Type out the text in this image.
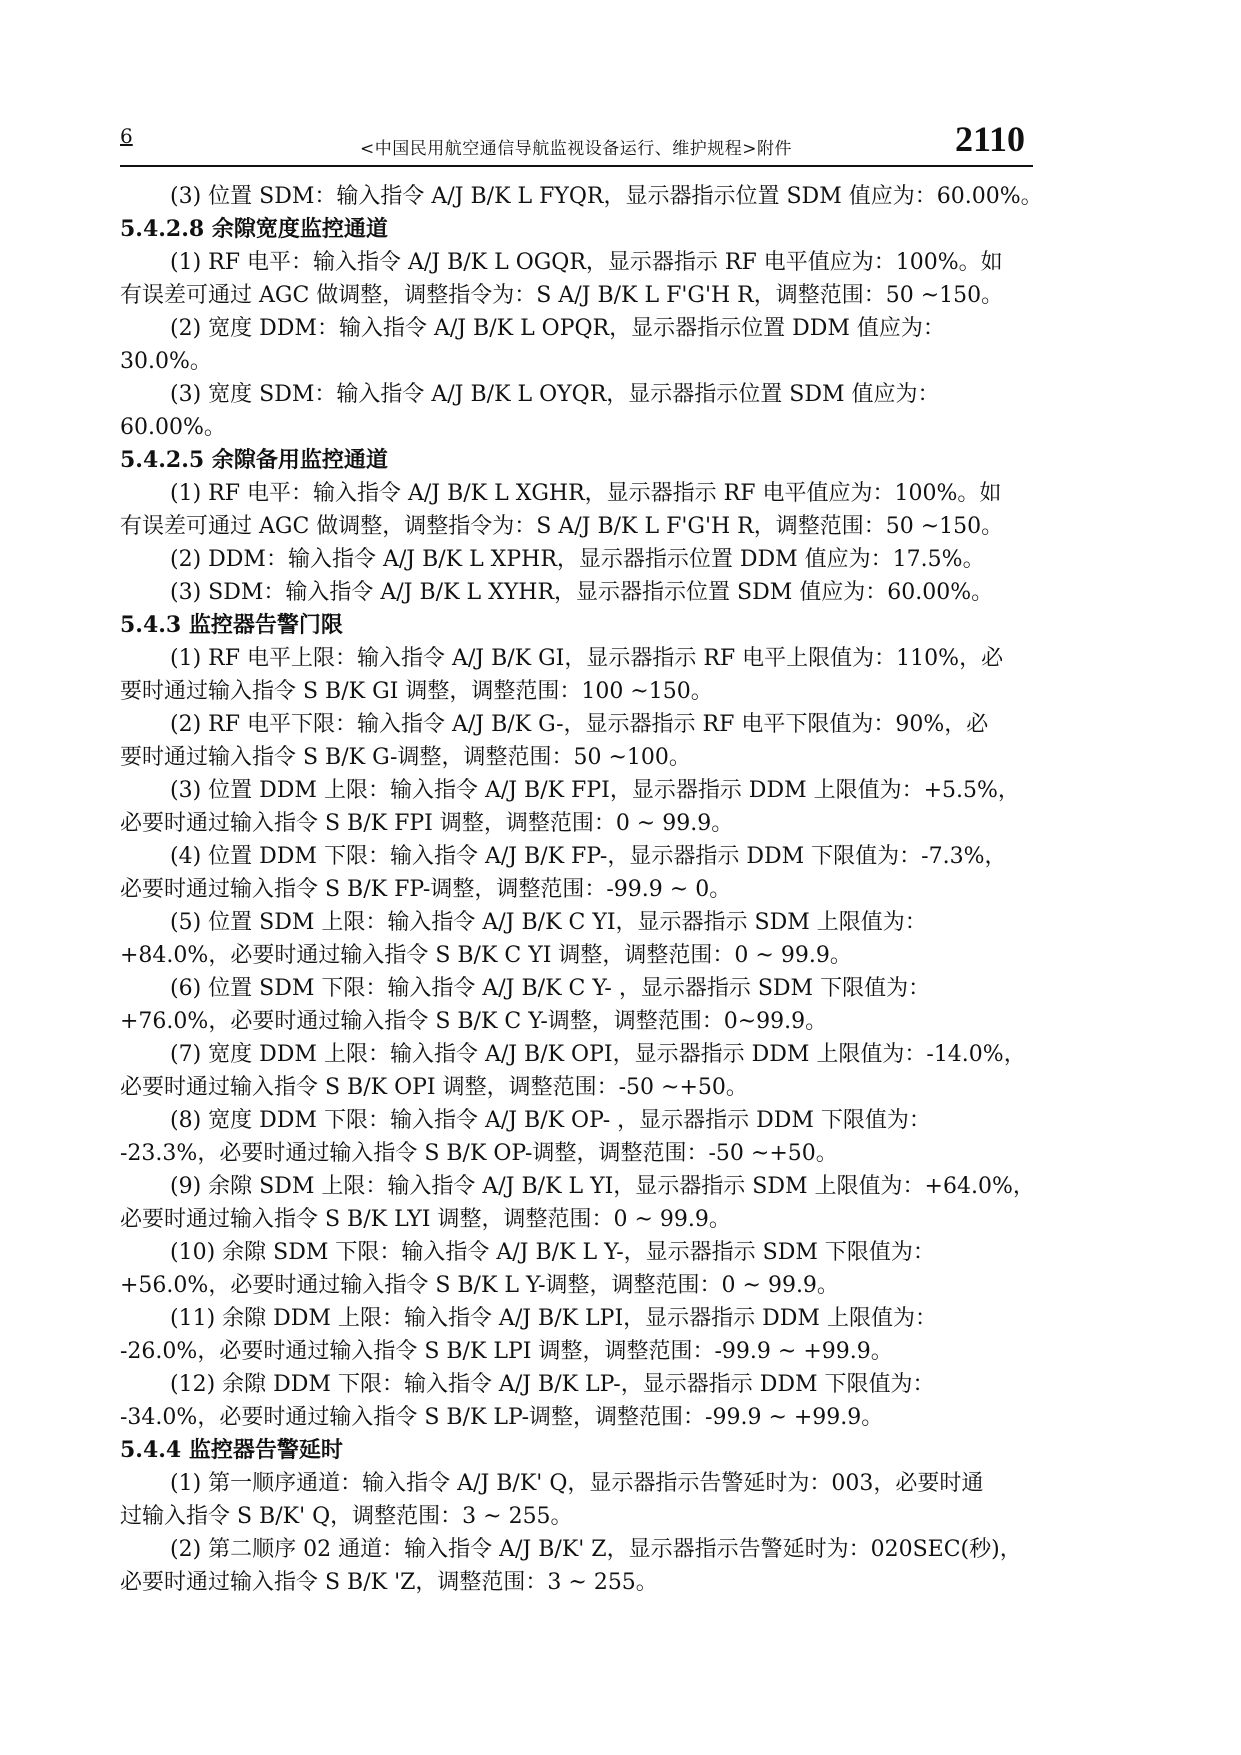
6
<中国民用航空通信导航监视设备运行、维护规程>附件	2110

(3) 位置 SDM：输入指令 A/J B/K L FYQR，显示器指示位置 SDM 值应为：60.00%。

5.4.2.8 余隙宽度监控通道

(1) RF 电平：输入指令 A/J B/K L OGQR，显示器指示 RF 电平值应为：100%。如

有误差可通过 AGC 做调整，调整指令为：S A/J B/K L F'G'H R，调整范围：50 ~150。

(2) 宽度 DDM：输入指令 A/J B/K L OPQR，显示器指示位置 DDM 值应为：

30.0%。

(3) 宽度 SDM：输入指令 A/J B/K L OYQR，显示器指示位置 SDM 值应为：

60.00%。

5.4.2.5 余隙备用监控通道

(1) RF 电平：输入指令 A/J B/K L XGHR，显示器指示 RF 电平值应为：100%。如

有误差可通过 AGC 做调整，调整指令为：S A/J B/K L F'G'H R，调整范围：50 ~150。

(2) DDM：输入指令 A/J B/K L XPHR，显示器指示位置 DDM 值应为：17.5%。

(3) SDM：输入指令 A/J B/K L XYHR，显示器指示位置 SDM 值应为：60.00%。

5.4.3 监控器告警门限

(1) RF 电平上限：输入指令 A/J B/K GI，显示器指示 RF 电平上限值为：110%，必

要时通过输入指令 S B/K GI 调整，调整范围：100 ~150。

(2) RF 电平下限：输入指令 A/J B/K G-，显示器指示 RF 电平下限值为：90%，必

要时通过输入指令 S B/K G-调整，调整范围：50 ~100。

(3) 位置 DDM 上限：输入指令 A/J B/K FPI，显示器指示 DDM 上限值为：+5.5%，

必要时通过输入指令 S B/K FPI 调整，调整范围：0 ~ 99.9。

(4) 位置 DDM 下限：输入指令 A/J B/K FP-，显示器指示 DDM 下限值为：-7.3%，

必要时通过输入指令 S B/K FP-调整，调整范围：-99.9 ~ 0。

(5) 位置 SDM 上限：输入指令 A/J B/K C YI，显示器指示 SDM 上限值为：

+84.0%，必要时通过输入指令 S B/K C YI 调整，调整范围：0 ~ 99.9。

(6) 位置 SDM 下限：输入指令 A/J B/K C Y- ，显示器指示 SDM 下限值为：

+76.0%，必要时通过输入指令 S B/K C Y-调整，调整范围：0~99.9。

(7) 宽度 DDM 上限：输入指令 A/J B/K OPI，显示器指示 DDM 上限值为：-14.0%，

必要时通过输入指令 S B/K OPI 调整，调整范围：-50 ~+50。

(8) 宽度 DDM 下限：输入指令 A/J B/K OP- ，显示器指示 DDM 下限值为：

-23.3%，必要时通过输入指令 S B/K OP-调整，调整范围：-50 ~+50。

(9) 余隙 SDM 上限：输入指令 A/J B/K L YI，显示器指示 SDM 上限值为：+64.0%，

必要时通过输入指令 S B/K LYI 调整，调整范围：0 ~ 99.9。

(10) 余隙 SDM 下限：输入指令 A/J B/K L Y-，显示器指示 SDM 下限值为：

+56.0%，必要时通过输入指令 S B/K L Y-调整，调整范围：0 ~ 99.9。

(11) 余隙 DDM 上限：输入指令 A/J B/K LPI，显示器指示 DDM 上限值为：

-26.0%，必要时通过输入指令 S B/K LPI 调整，调整范围：-99.9 ~ +99.9。

(12) 余隙 DDM 下限：输入指令 A/J B/K LP-，显示器指示 DDM 下限值为：

-34.0%，必要时通过输入指令 S B/K LP-调整，调整范围：-99.9 ~ +99.9。

5.4.4 监控器告警延时

(1) 第一顺序通道：输入指令 A/J B/K' Q，显示器指示告警延时为：003，必要时通

过输入指令 S B/K' Q，调整范围：3 ~ 255。

(2) 第二顺序 02 通道：输入指令 A/J B/K' Z，显示器指示告警延时为：020SEC(秒)，

必要时通过输入指令 S B/K 'Z，调整范围：3 ~ 255。
